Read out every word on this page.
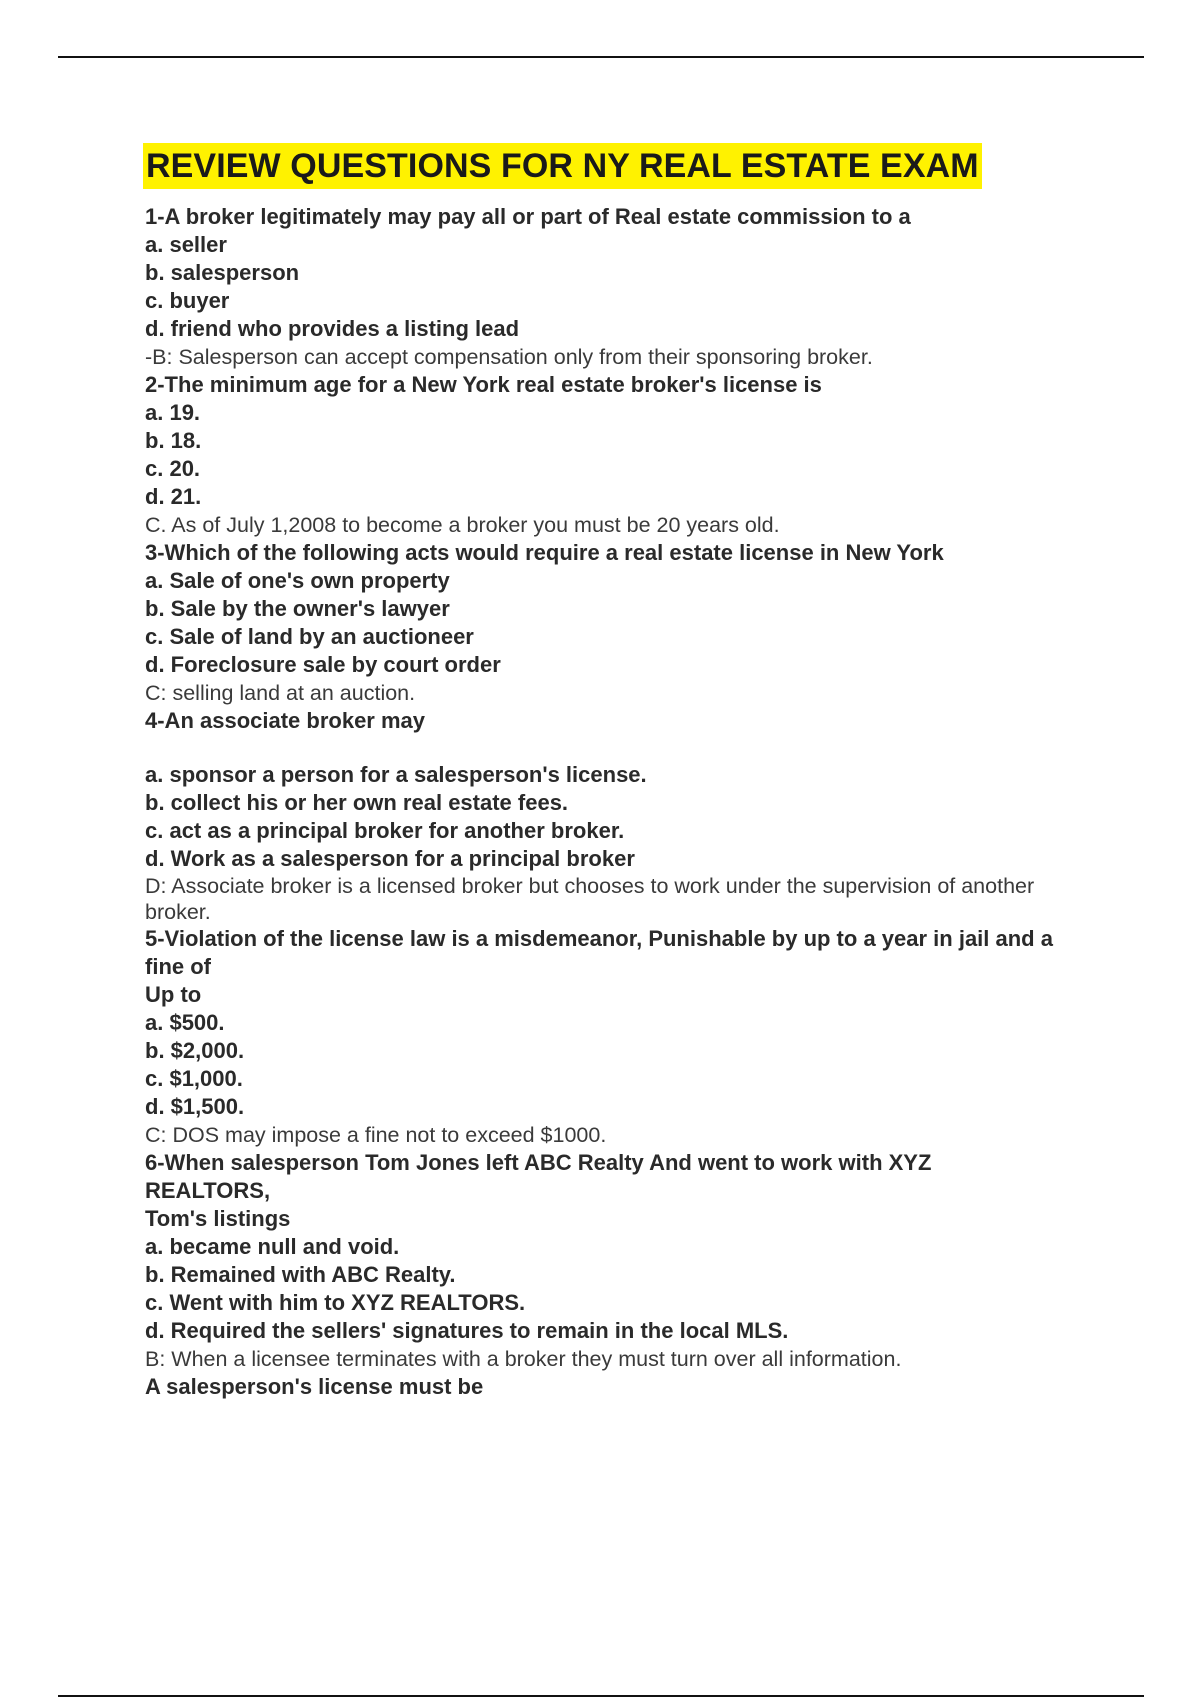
REVIEW QUESTIONS FOR NY REAL ESTATE EXAM
1-A broker legitimately may pay all or part of Real estate commission to a
a. seller
b. salesperson
c. buyer
d. friend who provides a listing lead
-B: Salesperson can accept compensation only from their sponsoring broker.
2-The minimum age for a New York real estate broker's license is
a. 19.
b. 18.
c. 20.
d. 21.
C. As of July 1,2008 to become a broker you must be 20 years old.
3-Which of the following acts would require a real estate license in New York
a. Sale of one's own property
b. Sale by the owner's lawyer
c. Sale of land by an auctioneer
d. Foreclosure sale by court order
C: selling land at an auction.
4-An associate broker may
a. sponsor a person for a salesperson's license.
b. collect his or her own real estate fees.
c. act as a principal broker for another broker.
d. Work as a salesperson for a principal broker
D: Associate broker is a licensed broker but chooses to work under the supervision of another broker.
5-Violation of the license law is a misdemeanor, Punishable by up to a year in jail and a fine of
Up to
a. $500.
b. $2,000.
c. $1,000.
d. $1,500.
C: DOS may impose a fine not to exceed $1000.
6-When salesperson Tom Jones left ABC Realty And went to work with XYZ REALTORS,
Tom's listings
a. became null and void.
b. Remained with ABC Realty.
c. Went with him to XYZ REALTORS.
d. Required the sellers' signatures to remain in the local MLS.
B: When a licensee terminates with a broker they must turn over all information.
A salesperson's license must be
